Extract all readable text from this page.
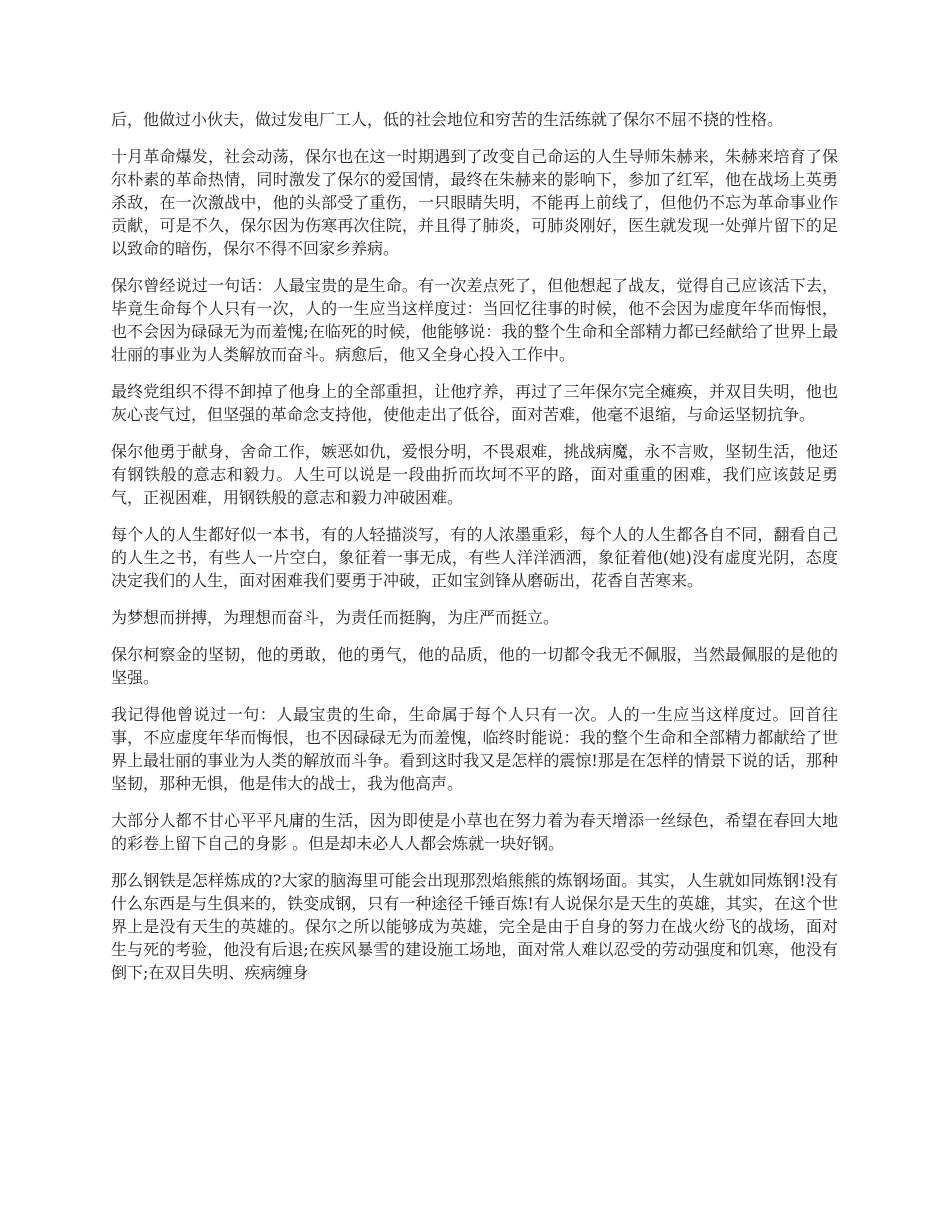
后，他做过小伙夫，做过发电厂工人，低的社会地位和穷苦的生活练就了保尔不屈不挠的性格。

十月革命爆发，社会动荡，保尔也在这一时期遇到了改变自己命运的人生导师朱赫来，朱赫来培育了保尔朴素的革命热情，同时激发了保尔的爱国情，最终在朱赫来的影响下，参加了红军，他在战场上英勇杀敌，在一次激战中，他的头部受了重伤，一只眼睛失明，不能再上前线了，但他仍不忘为革命事业作贡献，可是不久，保尔因为伤寒再次住院，并且得了肺炎，可肺炎刚好，医生就发现一处弹片留下的足以致命的暗伤，保尔不得不回家乡养病。

保尔曾经说过一句话：人最宝贵的是生命。有一次差点死了，但他想起了战友，觉得自己应该活下去，毕竟生命每个人只有一次，人的一生应当这样度过：当回忆往事的时候，他不会因为虚度年华而悔恨，也不会因为碌碌无为而羞愧;在临死的时候，他能够说：我的整个生命和全部精力都已经献给了世界上最壮丽的事业为人类解放而奋斗。病愈后，他又全身心投入工作中。

最终党组织不得不卸掉了他身上的全部重担，让他疗养，再过了三年保尔完全瘫痪，并双目失明，他也灰心丧气过，但坚强的革命念支持他，使他走出了低谷，面对苦难，他毫不退缩，与命运坚韧抗争。

保尔他勇于献身，舍命工作，嫉恶如仇，爱恨分明，不畏艰难，挑战病魔，永不言败，坚韧生活，他还有钢铁般的意志和毅力。人生可以说是一段曲折而坎坷不平的路，面对重重的困难，我们应该鼓足勇气，正视困难，用钢铁般的意志和毅力冲破困难。

每个人的人生都好似一本书，有的人轻描淡写，有的人浓墨重彩，每个人的人生都各自不同，翻看自己的人生之书，有些人一片空白，象征着一事无成，有些人洋洋洒洒，象征着他(她)没有虚度光阴，态度决定我们的人生，面对困难我们要勇于冲破，正如宝剑锋从磨砺出，花香自苦寒来。

为梦想而拼搏，为理想而奋斗，为责任而挺胸，为庄严而挺立。

保尔柯察金的坚韧，他的勇敢，他的勇气，他的品质，他的一切都令我无不佩服，当然最佩服的是他的坚强。

我记得他曾说过一句：人最宝贵的生命，生命属于每个人只有一次。人的一生应当这样度过。回首往事，不应虚度年华而悔恨，也不因碌碌无为而羞愧，临终时能说：我的整个生命和全部精力都献给了世界上最壮丽的事业为人类的解放而斗争。看到这时我又是怎样的震惊!那是在怎样的情景下说的话，那种坚韧，那种无惧，他是伟大的战士，我为他高声。

大部分人都不甘心平平凡庸的生活，因为即使是小草也在努力着为春天增添一丝绿色，希望在春回大地的彩卷上留下自己的身影 。但是却未必人人都会炼就一块好钢。

那么钢铁是怎样炼成的?大家的脑海里可能会出现那烈焰熊熊的炼钢场面。其实，人生就如同炼钢!没有什么东西是与生俱来的，铁变成钢，只有一种途径千锤百炼!有人说保尔是天生的英雄，其实，在这个世界上是没有天生的英雄的。保尔之所以能够成为英雄，完全是由于自身的努力在战火纷飞的战场，面对生与死的考验，他没有后退;在疾风暴雪的建设施工场地，面对常人难以忍受的劳动强度和饥寒，他没有倒下;在双目失明、疾病缠身
